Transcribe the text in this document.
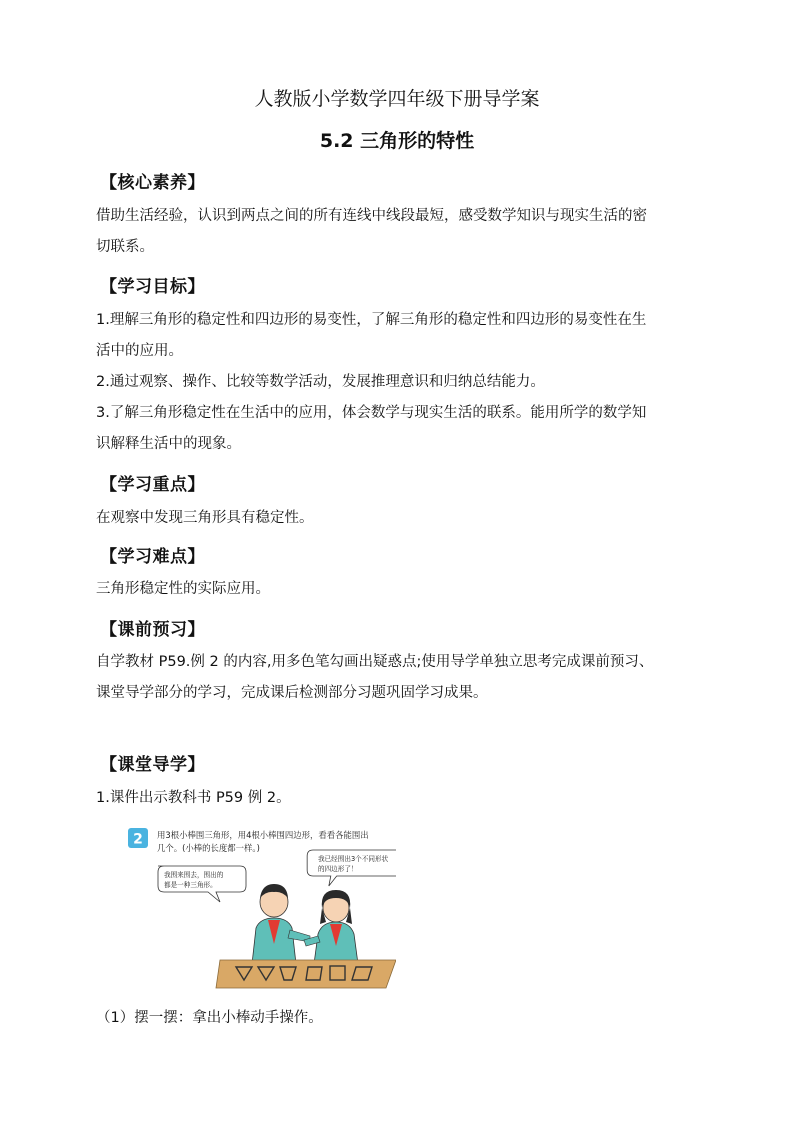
人教版小学数学四年级下册导学案
5.2 三角形的特性
【核心素养】
借助生活经验，认识到两点之间的所有连线中线段最短，感受数学知识与现实生活的密
切联系。
【学习目标】
1.理解三角形的稳定性和四边形的易变性，了解三角形的稳定性和四边形的易变性在生
活中的应用。
2.通过观察、操作、比较等数学活动，发展推理意识和归纳总结能力。
3.了解三角形稳定性在生活中的应用，体会数学与现实生活的联系。能用所学的数学知
识解释生活中的现象。
【学习重点】
在观察中发现三角形具有稳定性。
【学习难点】
三角形稳定性的实际应用。
【课前预习】
自学教材 P59.例 2 的内容,用多色笔勾画出疑惑点;使用导学单独立思考完成课前预习、
课堂导学部分的学习，完成课后检测部分习题巩固学习成果。
【课堂导学】
1.课件出示教科书 P59 例 2。
2 用3根小棒围三角形，用4根小棒围四边形，看看各能围出
几个。(小棒的长度都一样。)
我围来围去，围出的
都是一种三角形。
我已经围出3个不同形状
的四边形了！
（1）摆一摆：拿出小棒动手操作。
